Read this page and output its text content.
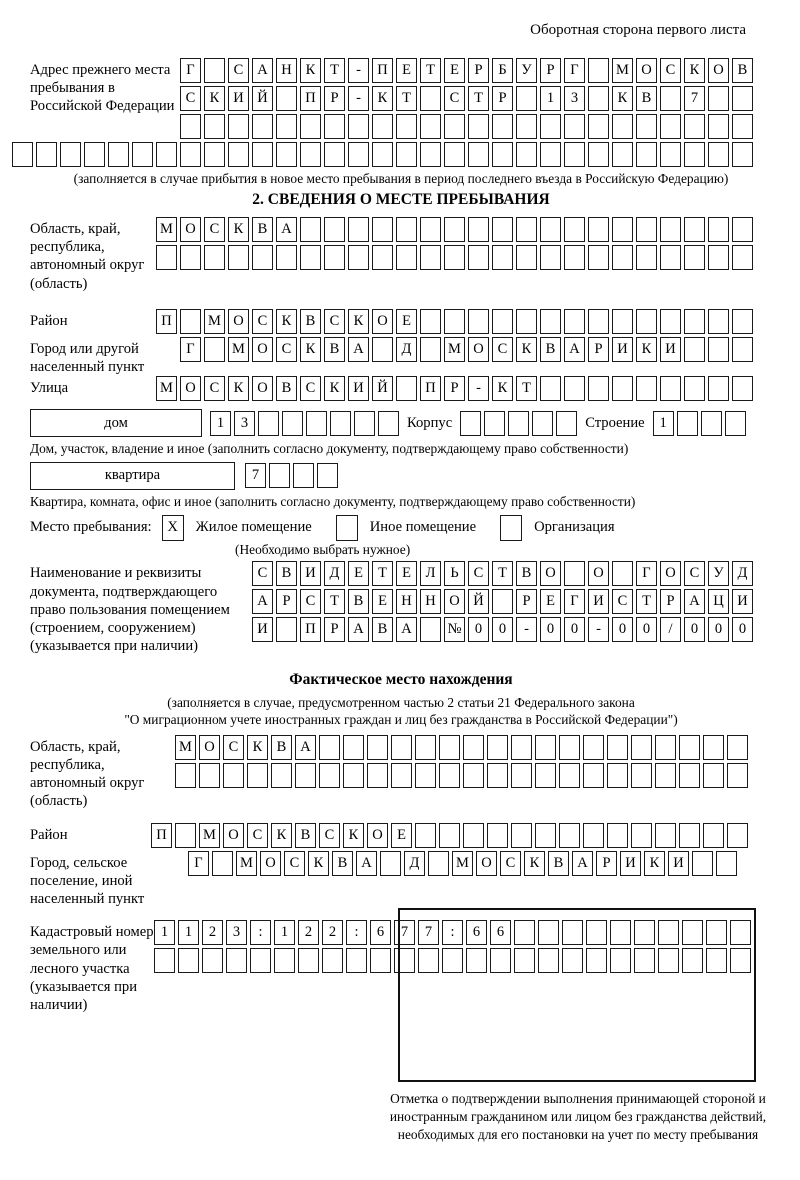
Оборотная сторона первого листа
Адрес прежнего места пребывания в Российской Федерации
Г	С А Н К	Т	-	П Е	Т	Е	Р	Б	У	Р	Г	М О С К О В
С К И Й	П	Р	-	К	Т	С	Т	Р	1	3	К В	7
(заполняется в случае прибытия в новое место пребывания в период последнего въезда в Российскую Федерацию)
2. СВЕДЕНИЯ О МЕСТЕ ПРЕБЫВАНИЯ
Область, край, республика, автономный округ (область)
М О С К В А
Район	П	М О С К В С К О Е
Город или другой населенный пункт
Г	М О С К В А	Д	М О С К В А	Р	И К И
Улица	М О С К О В С К И Й	П	Р	-	К	Т
дом	1	3	Корпус	Строение	1
Дом, участок, владение и иное (заполнить согласно документу, подтверждающему право собственности)
квартира	7
Квартира, комната, офис и иное (заполнить согласно документу, подтверждающему право собственности)
Место пребывания:	X	Жилое помещение	Иное помещение	Организация
(Необходимо выбрать нужное)
Наименование и реквизиты документа, подтверждающего право пользования помещением (строением, сооружением) (указывается при наличии)
С В И Д	Е	Т	Е	Л	Ь	С	Т	В О	О	Г	О С У Д
А	Р	С	Т	В	Е Н Н О Й	Р	Е	Г	И С	Т	Р	А Ц И
И	П	Р	А В А	№ 0	0	-	0	0	-	0	0	/	0	0	0
Фактическое место нахождения
(заполняется в случае, предусмотренном частью 2 статьи 21 Федерального закона
"О миграционном учете иностранных граждан и лиц без гражданства в Российской Федерации")
Область, край, республика, автономный округ (область)
М О С К В А
Район	П	М О С К В С К О Е
Город, сельское поселение, иной населенный пункт
Г	М О С К В А	Д	М О С К В А	Р	И К И
Кадастровый номер земельного или лесного участка (указывается при наличии)
1	1	2	3	:	1	2	2	:	6	7	7	:	6	6
Отметка о подтверждении выполнения принимающей стороной и иностранным гражданином или лицом без гражданства действий, необходимых для его постановки на учет по месту пребывания
